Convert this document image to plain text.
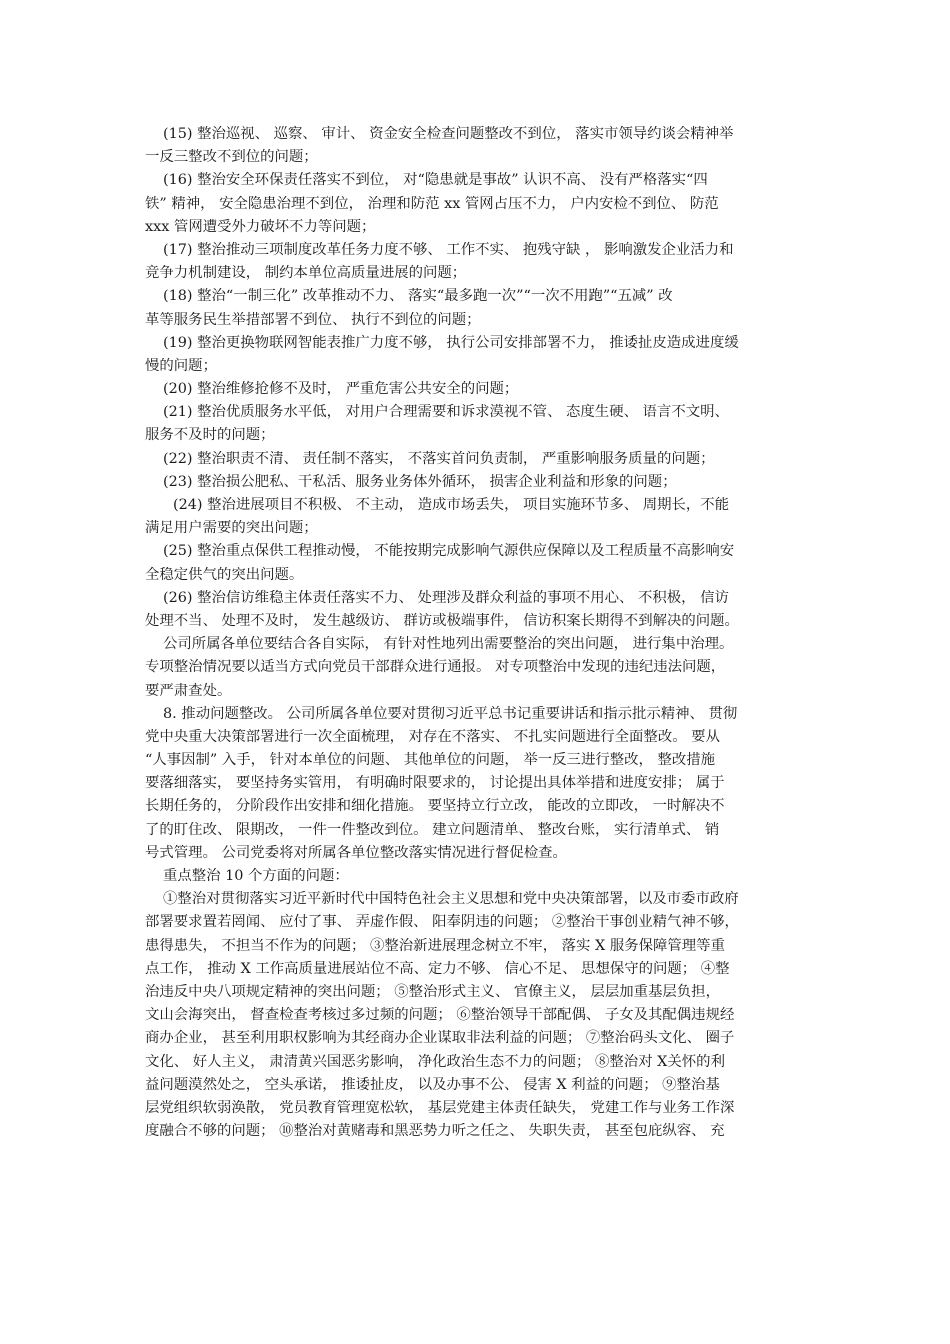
(15) 整治巡视、 巡察、 审计、 资金安全检查问题整改不到位， 落实市领导约谈会精神举
一反三整改不到位的问题；
(16) 整治安全环保责任落实不到位， 对“隐患就是事故” 认识不高、 没有严格落实“四
铁” 精神， 安全隐患治理不到位， 治理和防范 xx 管网占压不力， 户内安检不到位、 防范
xxx 管网遭受外力破坏不力等问题；
(17) 整治推动三项制度改革任务力度不够、 工作不实、 抱残守缺 ， 影响激发企业活力和
竞争力机制建设， 制约本单位高质量进展的问题；
(18) 整治“一制三化” 改革推动不力、 落实“最多跑一次”“一次不用跑”“五减” 改
革等服务民生举措部署不到位、 执行不到位的问题；
(19) 整治更换物联网智能表推广力度不够， 执行公司安排部署不力， 推诿扯皮造成进度缓
慢的问题；
(20) 整治维修抢修不及时， 严重危害公共安全的问题；
(21) 整治优质服务水平低， 对用户合理需要和诉求漠视不管、 态度生硬、 语言不文明、
服务不及时的问题；
(22) 整治职责不清、 责任制不落实， 不落实首问负责制， 严重影响服务质量的问题；
(23) 整治损公肥私、干私活、服务业务体外循环， 损害企业利益和形象的问题；
(24) 整治进展项目不积极、 不主动， 造成市场丢失， 项目实施环节多、 周期长，不能
满足用户需要的突出问题；
(25) 整治重点保供工程推动慢， 不能按期完成影响气源供应保障以及工程质量不高影响安
全稳定供气的突出问题。
(26) 整治信访维稳主体责任落实不力、 处理涉及群众利益的事项不用心、 不积极， 信访
处理不当、 处理不及时， 发生越级访、 群访或极端事件， 信访积案长期得不到解决的问题。
公司所属各单位要结合各自实际， 有针对性地列出需要整治的突出问题， 进行集中治理。
专项整治情况要以适当方式向党员干部群众进行通报。 对专项整治中发现的违纪违法问题，
要严肃查处。
8. 推动问题整改。 公司所属各单位要对贯彻习近平总书记重要讲话和指示批示精神、 贯彻
党中央重大决策部署进行一次全面梳理， 对存在不落实、 不扎实问题进行全面整改。 要从
“人事因制” 入手， 针对本单位的问题、 其他单位的问题， 举一反三进行整改， 整改措施
要落细落实， 要坚持务实管用， 有明确时限要求的， 讨论提出具体举措和进度安排； 属于
长期任务的， 分阶段作出安排和细化措施。 要坚持立行立改， 能改的立即改， 一时解决不
了的盯住改、 限期改， 一件一件整改到位。 建立问题清单、 整改台账， 实行清单式、 销
号式管理。 公司党委将对所属各单位整改落实情况进行督促检查。
重点整治 10 个方面的问题：
①整治对贯彻落实习近平新时代中国特色社会主义思想和党中央决策部署，以及市委市政府
部署要求置若罔闻、 应付了事、 弄虚作假、 阳奉阴违的问题； ②整治干事创业精气神不够，
患得患失， 不担当不作为的问题； ③整治新进展理念树立不牢， 落实 X 服务保障管理等重
点工作， 推动 X 工作高质量进展站位不高、定力不够、 信心不足、 思想保守的问题； ④整
治违反中央八项规定精神的突出问题； ⑤整治形式主义、 官僚主义， 层层加重基层负担，
文山会海突出， 督查检查考核过多过频的问题； ⑥整治领导干部配偶、 子女及其配偶违规经
商办企业， 甚至利用职权影响为其经商办企业谋取非法利益的问题； ⑦整治码头文化、 圈子
文化、 好人主义， 肃清黄兴国恶劣影响， 净化政治生态不力的问题； ⑧整治对 X关怀的利
益问题漠然处之， 空头承诺， 推诿扯皮， 以及办事不公、 侵害 X 利益的问题； ⑨整治基
层党组织软弱涣散， 党员教育管理宽松软， 基层党建主体责任缺失， 党建工作与业务工作深
度融合不够的问题； ⑩整治对黄赌毒和黑恶势力听之任之、 失职失责， 甚至包庇纵容、 充
